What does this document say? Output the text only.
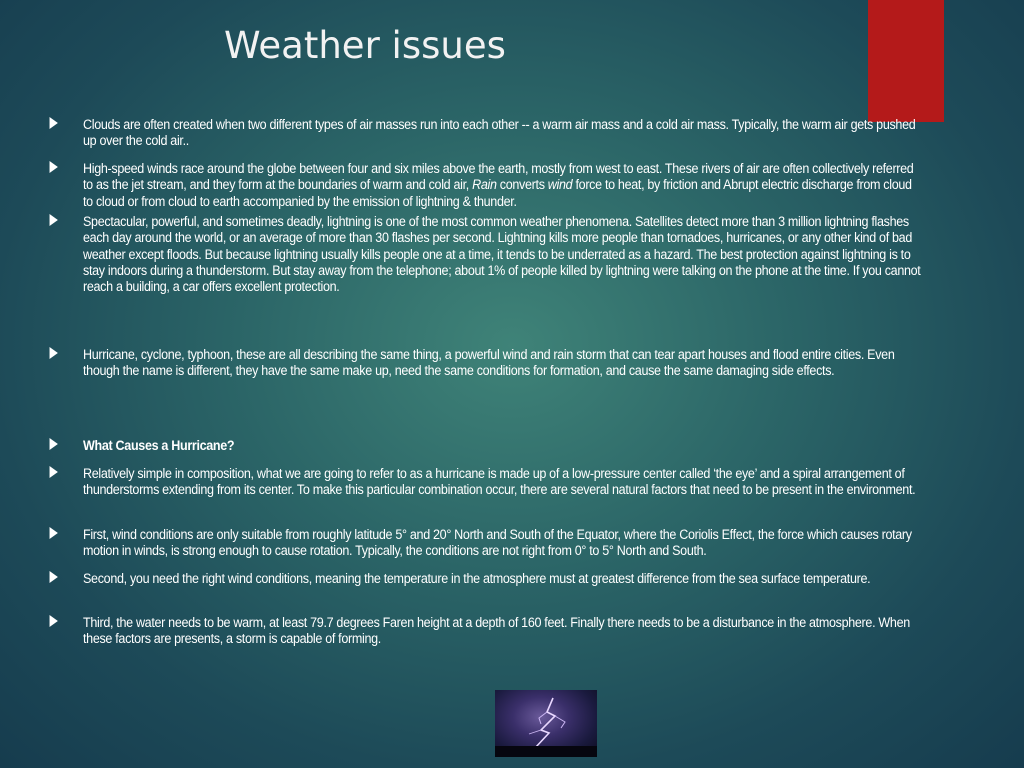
Weather issues
Clouds are often created when two different types of air masses run into each other -- a warm air mass and a cold air mass. Typically, the warm air gets pushed up over the cold air..
High-speed winds race around the globe between four and six miles above the earth, mostly from west to east. These rivers of air are often collectively referred to as the jet stream, and they form at the boundaries of warm and cold air, Rain converts wind force to heat, by friction and Abrupt electric discharge from cloud to cloud or from cloud to earth accompanied by the emission of lightning & thunder.
Spectacular, powerful, and sometimes deadly, lightning is one of the most common weather phenomena. Satellites detect more than 3 million lightning flashes each day around the world, or an average of more than 30 flashes per second. Lightning kills more people than tornadoes, hurricanes, or any other kind of bad weather except floods. But because lightning usually kills people one at a time, it tends to be underrated as a hazard. The best protection against lightning is to stay indoors during a thunderstorm. But stay away from the telephone; about 1% of people killed by lightning were talking on the phone at the time. If you cannot reach a building, a car offers excellent protection.
Hurricane, cyclone, typhoon, these are all describing the same thing, a powerful wind and rain storm that can tear apart houses and flood entire cities. Even though the name is different, they have the same make up, need the same conditions for formation, and cause the same damaging side effects.
What Causes a Hurricane?
Relatively simple in composition, what we are going to refer to as a hurricane is made up of a low-pressure center called ‘the eye’ and a spiral arrangement of thunderstorms extending from its center. To make this particular combination occur, there are several natural factors that need to be present in the environment.
First, wind conditions are only suitable from roughly latitude 5° and 20° North and South of the Equator, where the Coriolis Effect, the force which causes rotary motion in winds, is strong enough to cause rotation. Typically, the conditions are not right from 0° to 5° North and South.
Second, you need the right wind conditions, meaning the temperature in the atmosphere must at greatest difference from the sea surface temperature.
Third, the water needs to be warm, at least 79.7 degrees Faren height at a depth of 160 feet. Finally there needs to be a disturbance in the atmosphere. When these factors are presents, a storm is capable of forming.
